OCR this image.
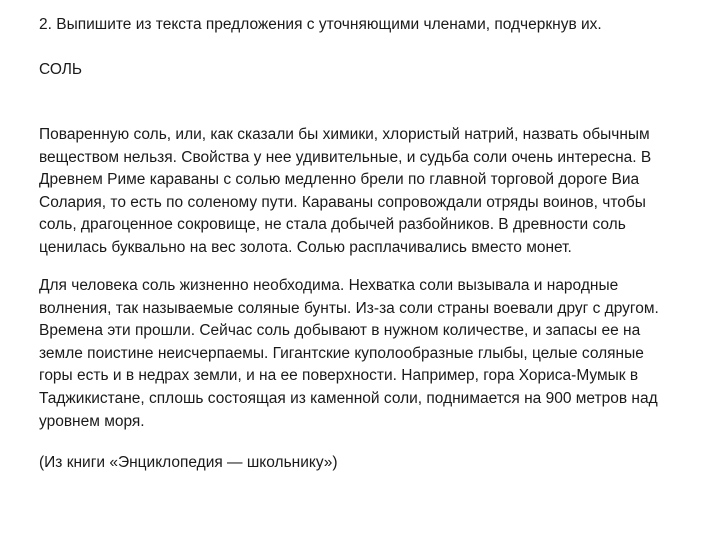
2. Выпишите из текста предложения с уточняющими членами, подчеркнув их.

СОЛЬ

Поваренную соль, или, как сказали бы химики, хлористый натрий, назвать обычным
веществом нельзя. Свойства у нее удивительные, и судьба соли очень интересна. В
Древнем Риме караваны с солью медленно брели по главной торговой дороге Виа
Солария, то есть по соленому пути. Караваны сопровождали отряды воинов, чтобы
соль, драгоценное сокровище, не стала добычей разбойников. В древности соль
ценилась буквально на вес золота. Солью расплачивались вместо монет.

Для человека соль жизненно необходима. Нехватка соли вызывала и народные
волнения, так называемые соляные бунты. Из-за соли страны воевали друг с другом.
Времена эти прошли. Сейчас соль добывают в нужном количестве, и запасы ее на
земле поистине неисчерпаемы. Гигантские куполообразные глыбы, целые соляные
горы есть и в недрах земли, и на ее поверхности. Например, гора Хориса-Мумык в
Таджикистане, сплошь состоящая из каменной соли, поднимается на 900 метров над
уровнем моря.

(Из книги «Энциклопедия — школьнику»)
